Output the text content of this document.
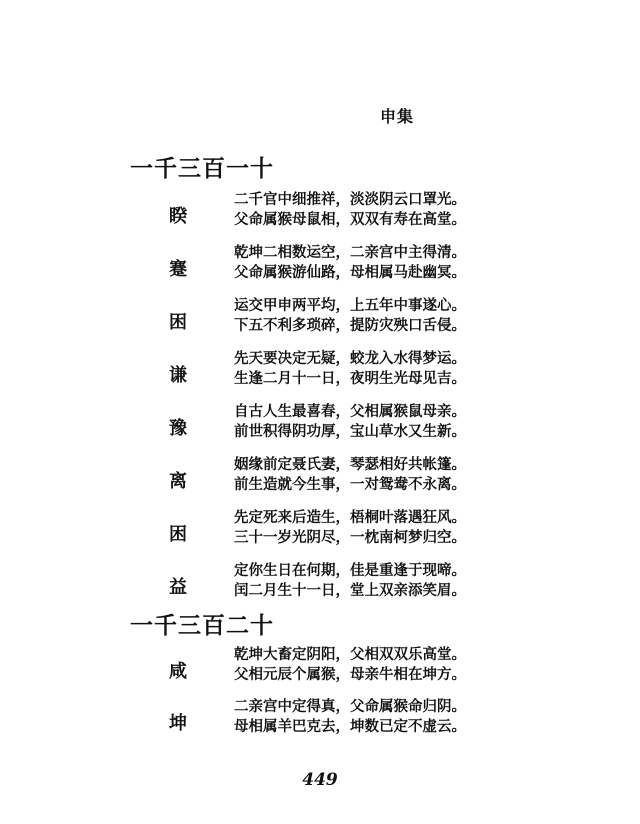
申集
一千三百一十
睽
二千官中细推祥，淡淡阴云口罩光。
父命属猴母鼠相，双双有寿在高堂。
蹇
乾坤二相数运空，二亲宫中主得清。
父命属猴游仙路，母相属马赴幽冥。
困
运交甲申两平均，上五年中事遂心。
下五不利多琐碎，提防灾殃口舌侵。
谦
先天要决定无疑，蛟龙入水得梦运。
生逢二月十一日，夜明生光母见吉。
豫
自古人生最喜春，父相属猴鼠母亲。
前世积得阴功厚，宝山草水又生新。
离
姻缘前定聂氏妻，琴瑟相好共帐篷。
前生造就今生事，一对鸳鸯不永离。
困
先定死来后造生，梧桐叶落遇狂风。
三十一岁光阴尽，一枕南柯梦归空。
益
定你生日在何期，佳是重逢于现啼。
闰二月生十一日，堂上双亲添笑眉。
一千三百二十
咸
乾坤大畜定阴阳，父相双双乐高堂。
父相元辰个属猴，母亲牛相在坤方。
坤
二亲宫中定得真，父命属猴命归阴。
母相属羊巴克去，坤数已定不虚云。
449
